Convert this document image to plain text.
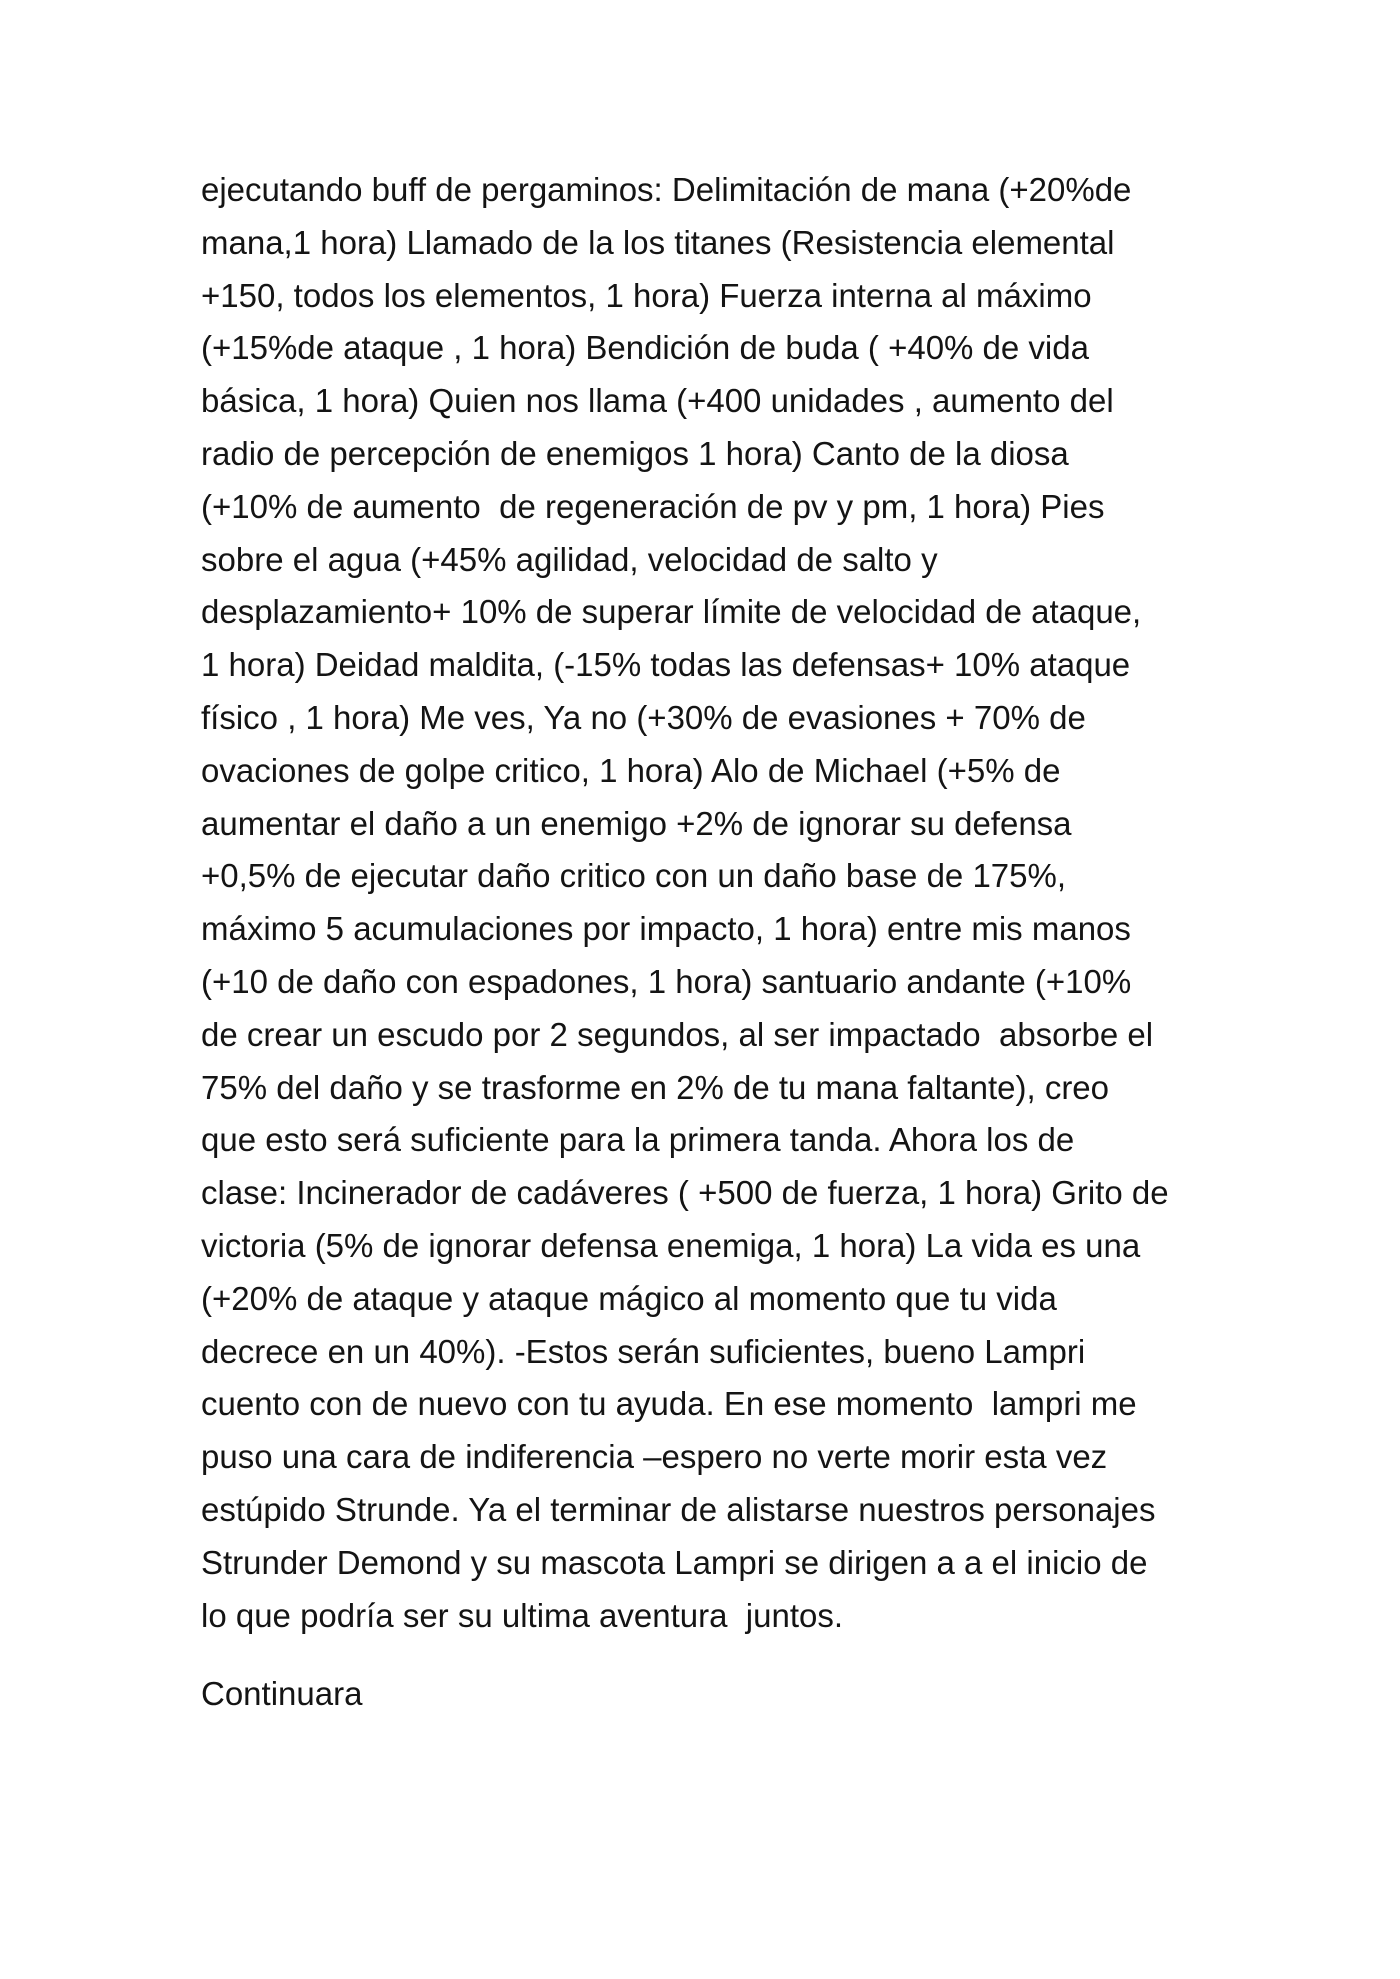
ejecutando buff de pergaminos: Delimitación de mana (+20%de
mana,1 hora) Llamado de la los titanes (Resistencia elemental
+150, todos los elementos, 1 hora) Fuerza interna al máximo
(+15%de ataque , 1 hora) Bendición de buda ( +40% de vida
básica, 1 hora) Quien nos llama (+400 unidades , aumento del
radio de percepción de enemigos 1 hora) Canto de la diosa
(+10% de aumento  de regeneración de pv y pm, 1 hora) Pies
sobre el agua (+45% agilidad, velocidad de salto y
desplazamiento+ 10% de superar límite de velocidad de ataque,
1 hora) Deidad maldita, (-15% todas las defensas+ 10% ataque
físico , 1 hora) Me ves, Ya no (+30% de evasiones + 70% de
ovaciones de golpe critico, 1 hora) Alo de Michael (+5% de
aumentar el daño a un enemigo +2% de ignorar su defensa
+0,5% de ejecutar daño critico con un daño base de 175%,
máximo 5 acumulaciones por impacto, 1 hora) entre mis manos
(+10 de daño con espadones, 1 hora) santuario andante (+10%
de crear un escudo por 2 segundos, al ser impactado  absorbe el
75% del daño y se trasforme en 2% de tu mana faltante), creo
que esto será suficiente para la primera tanda. Ahora los de
clase: Incinerador de cadáveres ( +500 de fuerza, 1 hora) Grito de
victoria (5% de ignorar defensa enemiga, 1 hora) La vida es una
(+20% de ataque y ataque mágico al momento que tu vida
decrece en un 40%). -Estos serán suficientes, bueno Lampri
cuento con de nuevo con tu ayuda. En ese momento  lampri me
puso una cara de indiferencia –espero no verte morir esta vez
estúpido Strunde. Ya el terminar de alistarse nuestros personajes
Strunder Demond y su mascota Lampri se dirigen a a el inicio de
lo que podría ser su ultima aventura  juntos.
Continuara
